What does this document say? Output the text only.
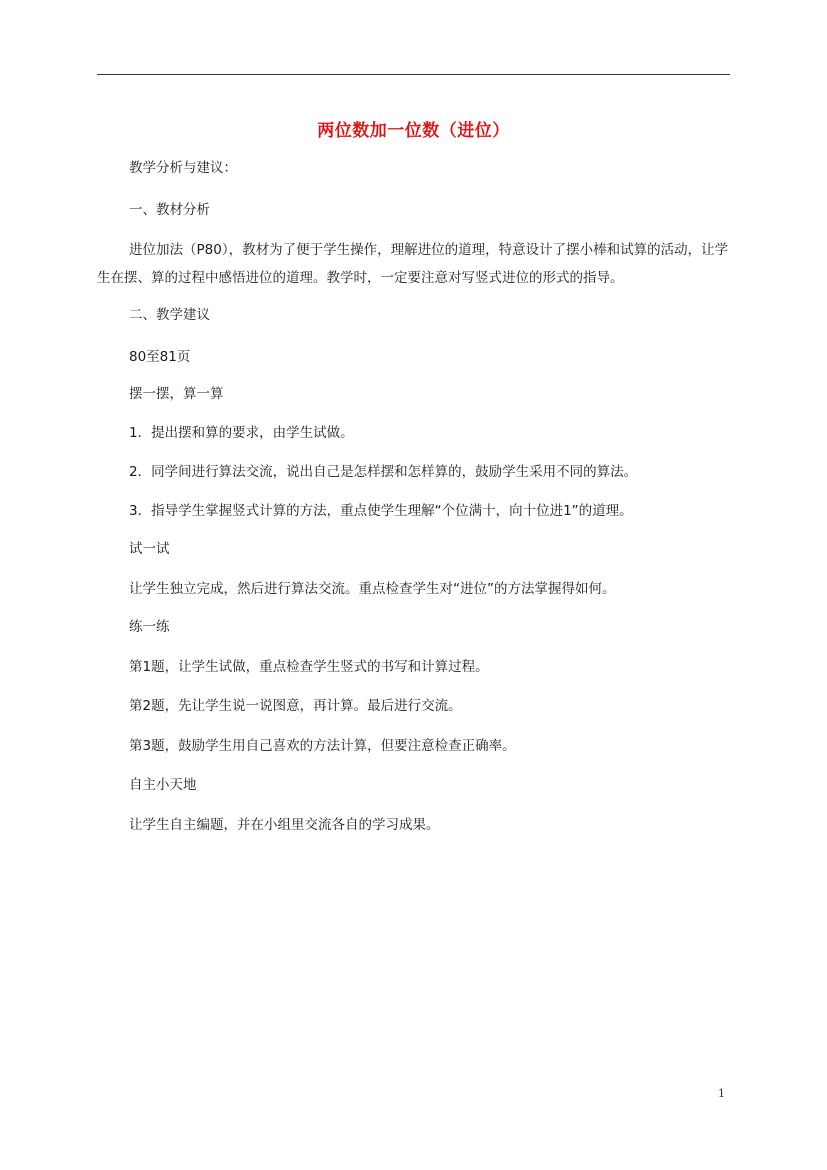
两位数加一位数（进位）
教学分析与建议：
一、教材分析
进位加法（P80），教材为了便于学生操作，理解进位的道理，特意设计了摆小棒和试算的活动，让学生在摆、算的过程中感悟进位的道理。教学时，一定要注意对写竖式进位的形式的指导。
二、教学建议
80至81页
摆一摆，算一算
1．提出摆和算的要求，由学生试做。
2．同学间进行算法交流，说出自己是怎样摆和怎样算的，鼓励学生采用不同的算法。
3．指导学生掌握竖式计算的方法，重点使学生理解“个位满十，向十位进1”的道理。
试一试
让学生独立完成，然后进行算法交流。重点检查学生对“进位”的方法掌握得如何。
练一练
第1题，让学生试做，重点检查学生竖式的书写和计算过程。
第2题，先让学生说一说图意，再计算。最后进行交流。
第3题，鼓励学生用自己喜欢的方法计算，但要注意检查正确率。
自主小天地
让学生自主编题，并在小组里交流各自的学习成果。
1
